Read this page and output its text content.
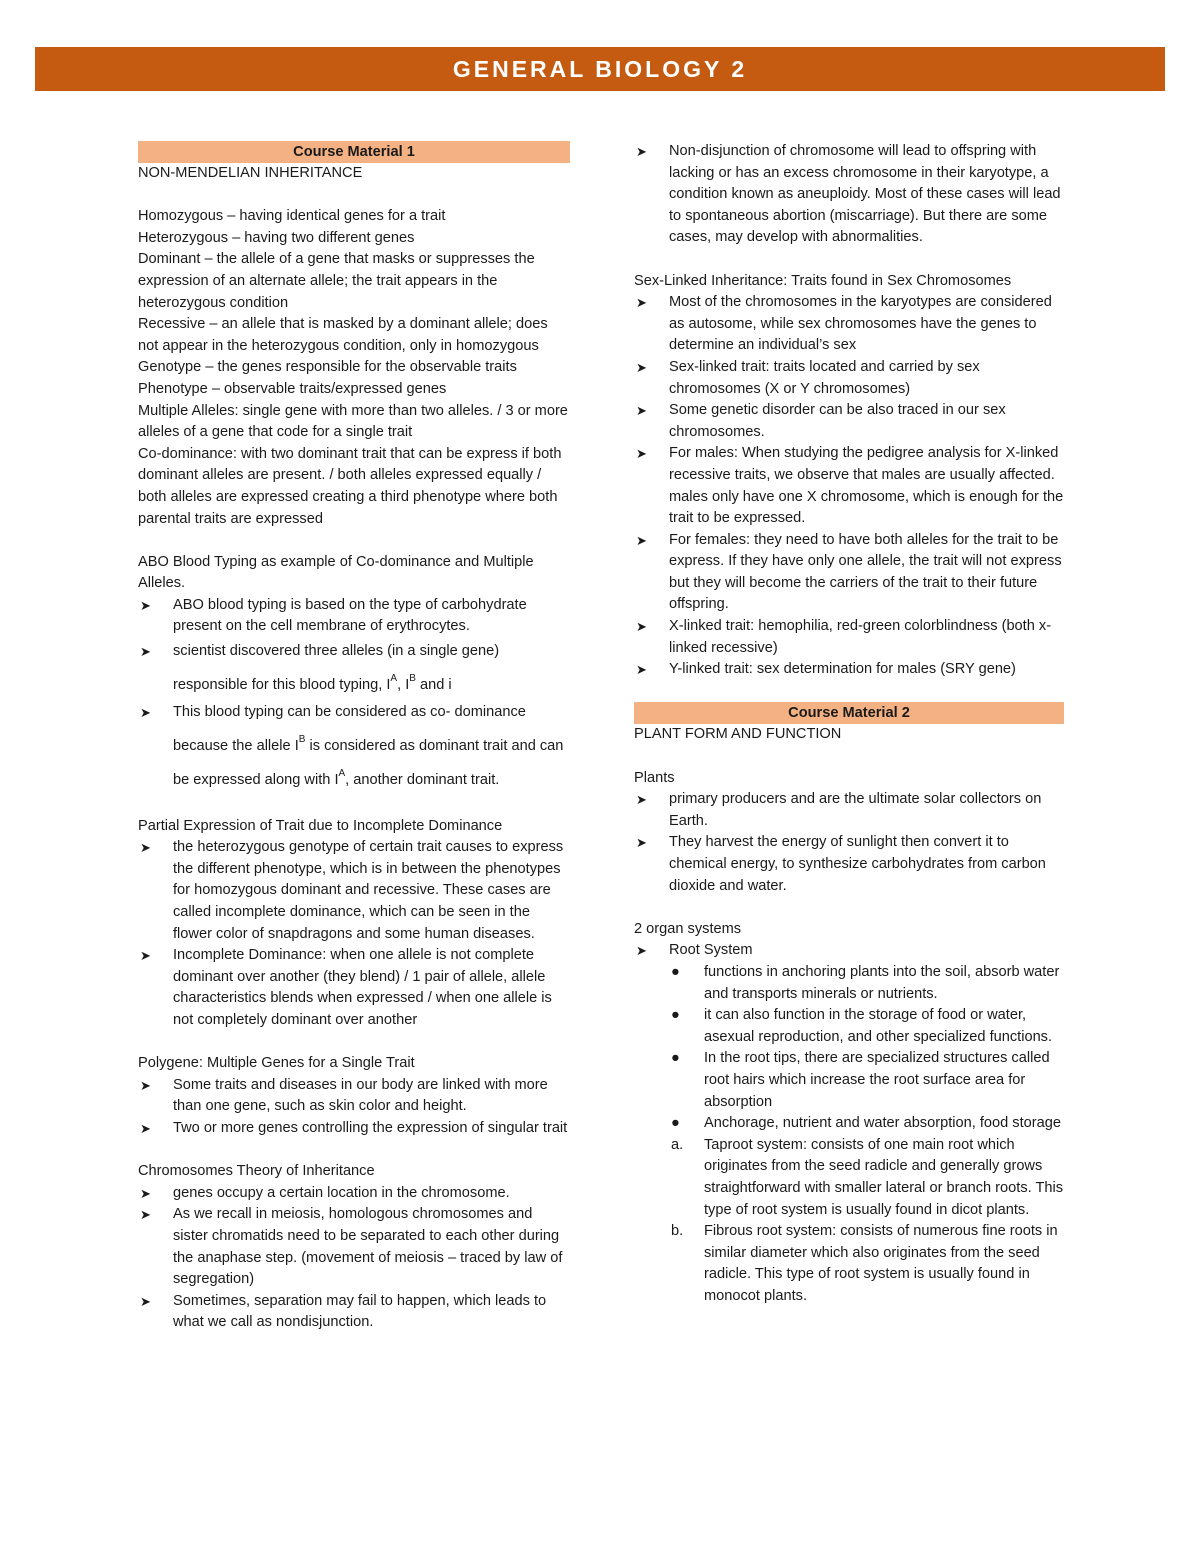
GENERAL BIOLOGY 2
Course Material 1

NON-MENDELIAN INHERITANCE

Homozygous – having identical genes for a trait

Heterozygous – having two different genes

Dominant – the allele of a gene that masks or suppresses the expression of an alternate allele; the trait appears in the heterozygous condition

Recessive – an allele that is masked by a dominant allele; does not appear in the heterozygous condition, only in homozygous

Genotype – the genes responsible for the observable traits

Phenotype – observable traits/expressed genes

Multiple Alleles: single gene with more than two alleles. / 3 or more alleles of a gene that code for a single trait

Co-dominance: with two dominant trait that can be express if both dominant alleles are present. / both alleles expressed equally / both alleles are expressed creating a third phenotype where both parental traits are expressed

ABO Blood Typing as example of Co-dominance and Multiple Alleles.

➤ ABO blood typing is based on the type of carbohydrate present on the cell membrane of erythrocytes.
➤ scientist discovered three alleles (in a single gene) responsible for this blood typing, $I^A$, $I^B$ and i
➤ This blood typing can be considered as co- dominance because the allele $I^B$ is considered as dominant trait and can be expressed along with $I^A$, another dominant trait.

Partial Expression of Trait due to Incomplete Dominance

➤ the heterozygous genotype of certain trait causes to express the different phenotype, which is in between the phenotypes for homozygous dominant and recessive. These cases are called incomplete dominance, which can be seen in the flower color of snapdragons and some human diseases.
➤ Incomplete Dominance: when one allele is not complete dominant over another (they blend) / 1 pair of allele, allele characteristics blends when expressed / when one allele is not completely dominant over another

Polygene: Multiple Genes for a Single Trait

➤ Some traits and diseases in our body are linked with more than one gene, such as skin color and height.
➤ Two or more genes controlling the expression of singular trait

Chromosomes Theory of Inheritance

➤ genes occupy a certain location in the chromosome.
➤ As we recall in meiosis, homologous chromosomes and sister chromatids need to be separated to each other during the anaphase step. (movement of meiosis – traced by law of segregation)
➤ Sometimes, separation may fail to happen, which leads to what we call as nondisjunction.
➤ Non-disjunction of chromosome will lead to offspring with lacking or has an excess chromosome in their karyotype, a condition known as aneuploidy. Most of these cases will lead to spontaneous abortion (miscarriage). But there are some cases, may develop with abnormalities.

Sex-Linked Inheritance: Traits found in Sex Chromosomes

➤ Most of the chromosomes in the karyotypes are considered as autosome, while sex chromosomes have the genes to determine an individual’s sex
➤ Sex-linked trait: traits located and carried by sex chromosomes (X or Y chromosomes)
➤ Some genetic disorder can be also traced in our sex chromosomes.
➤ For males: When studying the pedigree analysis for X-linked recessive traits, we observe that males are usually affected. males only have one X chromosome, which is enough for the trait to be expressed.
➤ For females: they need to have both alleles for the trait to be express. If they have only one allele, the trait will not express but they will become the carriers of the trait to their future offspring.
➤ X-linked trait: hemophilia, red-green colorblindness (both x-linked recessive)
➤ Y-linked trait: sex determination for males (SRY gene)
Course Material 2

PLANT FORM AND FUNCTION

Plants

➤ primary producers and are the ultimate solar collectors on Earth.
➤ They harvest the energy of sunlight then convert it to chemical energy, to synthesize carbohydrates from carbon dioxide and water.

2 organ systems

➤ Root System
● functions in anchoring plants into the soil, absorb water and transports minerals or nutrients.
● it can also function in the storage of food or water, asexual reproduction, and other specialized functions.
● In the root tips, there are specialized structures called root hairs which increase the root surface area for absorption
● Anchorage, nutrient and water absorption, food storage
a. Taproot system: consists of one main root which originates from the seed radicle and generally grows straightforward with smaller lateral or branch roots. This type of root system is usually found in dicot plants.
b. Fibrous root system: consists of numerous fine roots in similar diameter which also originates from the seed radicle. This type of root system is usually found in monocot plants.
